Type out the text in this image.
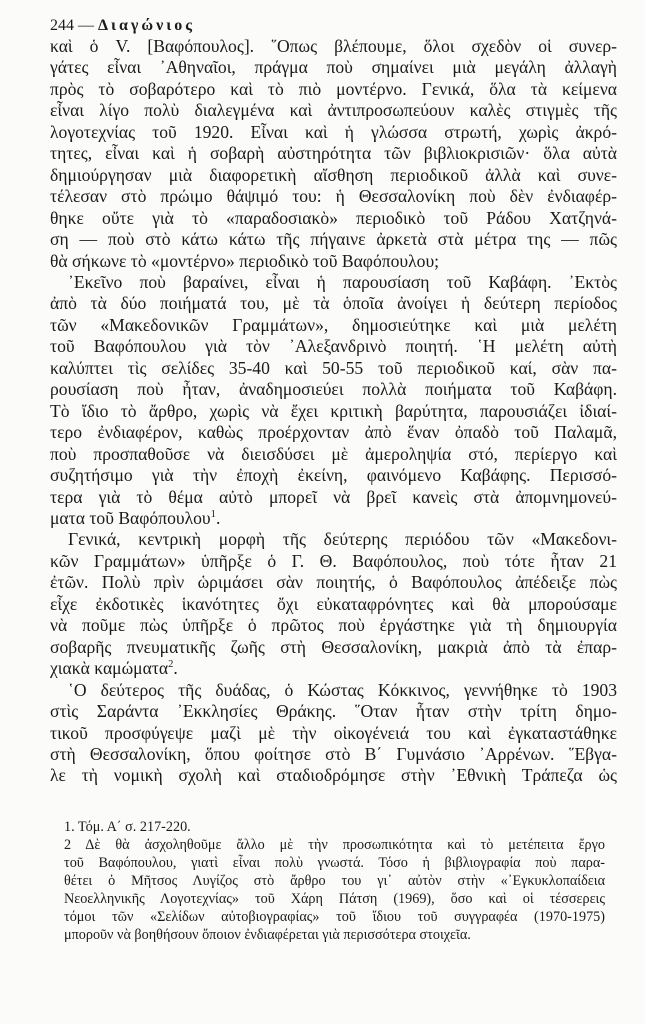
244 — Διαγώνιος
καὶ ὁ V. [Βαφόπουλος]. ῞Οπως βλέπουμε, ὅλοι σχεδὸν οἱ συνερ-
γάτες εἶναι ᾿Αθηναῖοι, πράγμα ποὺ σημαίνει μιὰ μεγάλη ἀλλαγὴ
πρὸς τὸ σοβαρότερο καὶ τὸ πιὸ μοντέρνο. Γενικά, ὅλα τὰ κείμενα
εἶναι λίγο πολὺ διαλεγμένα καὶ ἀντιπροσωπεύουν καλὲς στιγμὲς τῆς
λογοτεχνίας τοῦ 1920. Εἶναι καὶ ἡ γλώσσα στρωτή, χωρὶς ἀκρό-
τητες, εἶναι καὶ ἡ σοβαρὴ αὐστηρότητα τῶν βιβλιοκρισιῶν· ὅλα αὐτὰ
δημιούργησαν μιὰ διαφορετικὴ αἴσθηση περιοδικοῦ ἀλλὰ καὶ συνε-
τέλεσαν στὸ πρώιμο θάψιμό του: ἡ Θεσσαλονίκη ποὺ δὲν ἐνδιαφέρ-
θηκε οὔτε γιὰ τὸ «παραδοσιακὸ» περιοδικὸ τοῦ Ράδου Χατζηνά-
ση — ποὺ στὸ κάτω κάτω τῆς πήγαινε ἀρκετὰ στὰ μέτρα της — πῶς
θὰ σήκωνε τὸ «μοντέρνο» περιοδικὸ τοῦ Βαφόπουλου;
᾿Εκεῖνο ποὺ βαραίνει, εἶναι ἡ παρουσίαση τοῦ Καβάφη. ᾿Εκτὸς
ἀπὸ τὰ δύο ποιήματά του, μὲ τὰ ὁποῖα ἀνοίγει ἡ δεύτερη περίοδος
τῶν «Μακεδονικῶν Γραμμάτων», δημοσιεύτηκε καὶ μιὰ μελέτη
τοῦ Βαφόπουλου γιὰ τὸν ᾿Αλεξανδρινὸ ποιητή. ῾Η μελέτη αὐτὴ
καλύπτει τὶς σελίδες 35-40 καὶ 50-55 τοῦ περιοδικοῦ καί, σὰν πα-
ρουσίαση ποὺ ἦταν, ἀναδημοσιεύει πολλὰ ποιήματα τοῦ Καβάφη.
Τὸ ἴδιο τὸ ἄρθρο, χωρὶς νὰ ἔχει κριτικὴ βαρύτητα, παρουσιάζει ἰδιαί-
τερο ἐνδιαφέρον, καθὼς προέρχονταν ἀπὸ ἕναν ὀπαδὸ τοῦ Παλαμᾶ,
ποὺ προσπαθοῦσε νὰ διεισδύσει μὲ ἀμεροληψία στό, περίεργο καὶ
συζητήσιμο γιὰ τὴν ἐποχὴ ἐκείνη, φαινόμενο Καβάφης. Περισσό-
τερα γιὰ τὸ θέμα αὐτὸ μπορεῖ νὰ βρεῖ κανεὶς στὰ ἀπομνημονεύ-
ματα τοῦ Βαφόπουλου$^1$.
Γενικά, κεντρικὴ μορφὴ τῆς δεύτερης περιόδου τῶν «Μακεδονι-
κῶν Γραμμάτων» ὑπῆρξε ὁ Γ. Θ. Βαφόπουλος, ποὺ τότε ἦταν 21
ἐτῶν. Πολὺ πρὶν ὡριμάσει σὰν ποιητής, ὁ Βαφόπουλος ἀπέδειξε πὼς
εἶχε ἐκδοτικὲς ἱκανότητες ὄχι εὐκαταφρόνητες καὶ θὰ μπορούσαμε
νὰ ποῦμε πὼς ὑπῆρξε ὁ πρῶτος ποὺ ἐργάστηκε γιὰ τὴ δημιουργία
σοβαρῆς πνευματικῆς ζωῆς στὴ Θεσσαλονίκη, μακριὰ ἀπὸ τὰ ἐπαρ-
χιακὰ καμώματα$^2$.
῾Ο δεύτερος τῆς δυάδας, ὁ Κώστας Κόκκινος, γεννήθηκε τὸ 1903
στὶς Σαράντα ᾿Εκκλησίες Θράκης. ῞Οταν ἦταν στὴν τρίτη δημο-
τικοῦ προσφύγεψε μαζὶ μὲ τὴν οἰκογένειά του καὶ ἐγκαταστάθηκε
στὴ Θεσσαλονίκη, ὅπου φοίτησε στὸ Β΄ Γυμνάσιο ᾿Αρρένων. ῞Εβγα-
λε τὴ νομικὴ σχολὴ καὶ σταδιοδρόμησε στὴν ᾿Εθνικὴ Τράπεζα ὡς
1. Τόμ. Α΄ σ. 217-220.
2 Δὲ θὰ ἀσχοληθοῦμε ἄλλο μὲ τὴν προσωπικότητα καὶ τὸ μετέπειτα ἔργο
τοῦ Βαφόπουλου, γιατὶ εἶναι πολὺ γνωστά. Τόσο ἡ βιβλιογραφία ποὺ παρα-
θέτει ὁ Μῆτσος Λυγίζος στὸ ἄρθρο του γι᾿ αὐτὸν στὴν «᾿Εγκυκλοπαίδεια
Νεοελληνικῆς Λογοτεχνίας» τοῦ Χάρη Πάτση (1969), ὅσο καὶ οἱ τέσσερεις
τόμοι τῶν «Σελίδων αὐτοβιογραφίας» τοῦ ἴδιου τοῦ συγγραφέα (1970-1975)
μποροῦν νὰ βοηθήσουν ὅποιον ἐνδιαφέρεται γιὰ περισσότερα στοιχεῖα.
